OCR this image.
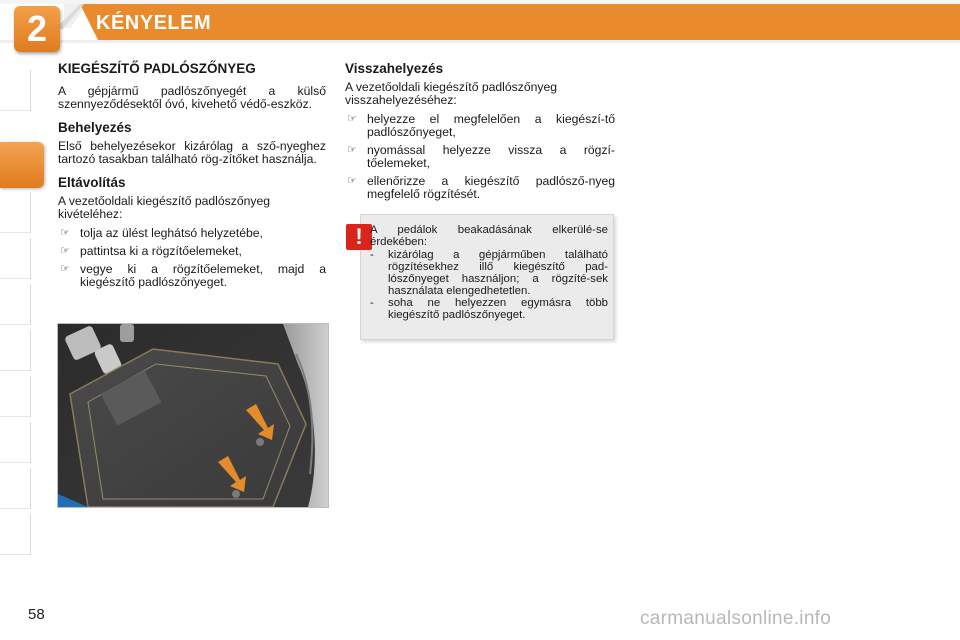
2	KÉNYELEM
KIEGÉSZÍTŐ PADLÓSZŐNYEG

A gépjármű padlószőnyegét a külső szennyeződésektől óvó, kivehető védő-eszköz.

Behelyezés

Első behelyezésekor kizárólag a sző-nyeghez tartozó tasakban található rög-zítőket használja.

Eltávolítás

A vezetőoldali kiegészítő padlószőnyeg kivételéhez:

☞ tolja az ülést leghátsó helyzetébe,
☞ pattintsa ki a rögzítőelemeket,
☞ vegye ki a rögzítőelemeket, majd a kiegészítő padlószőnyeget.
Visszahelyezés

A vezetőoldali kiegészítő padlószőnyeg visszahelyezéséhez:

☞ helyezze el megfelelően a kiegészí-tő padlószőnyeget,
☞ nyomással helyezze vissza a rögzí-tőelemeket,
☞ ellenőrizze a kiegészítő padlósző-nyeg megfelelő rögzítését.
! A pedálok beakadásának elkerülé-se érdekében:
- kizárólag a gépjárműben található rögzítésekhez illő kiegészítő pad-lószőnyeget használjon; a rögzíté-sek használata elengedhetetlen.
- soha ne helyezzen egymásra több kiegészítő padlószőnyeget.
58	carmanualsonline.info
